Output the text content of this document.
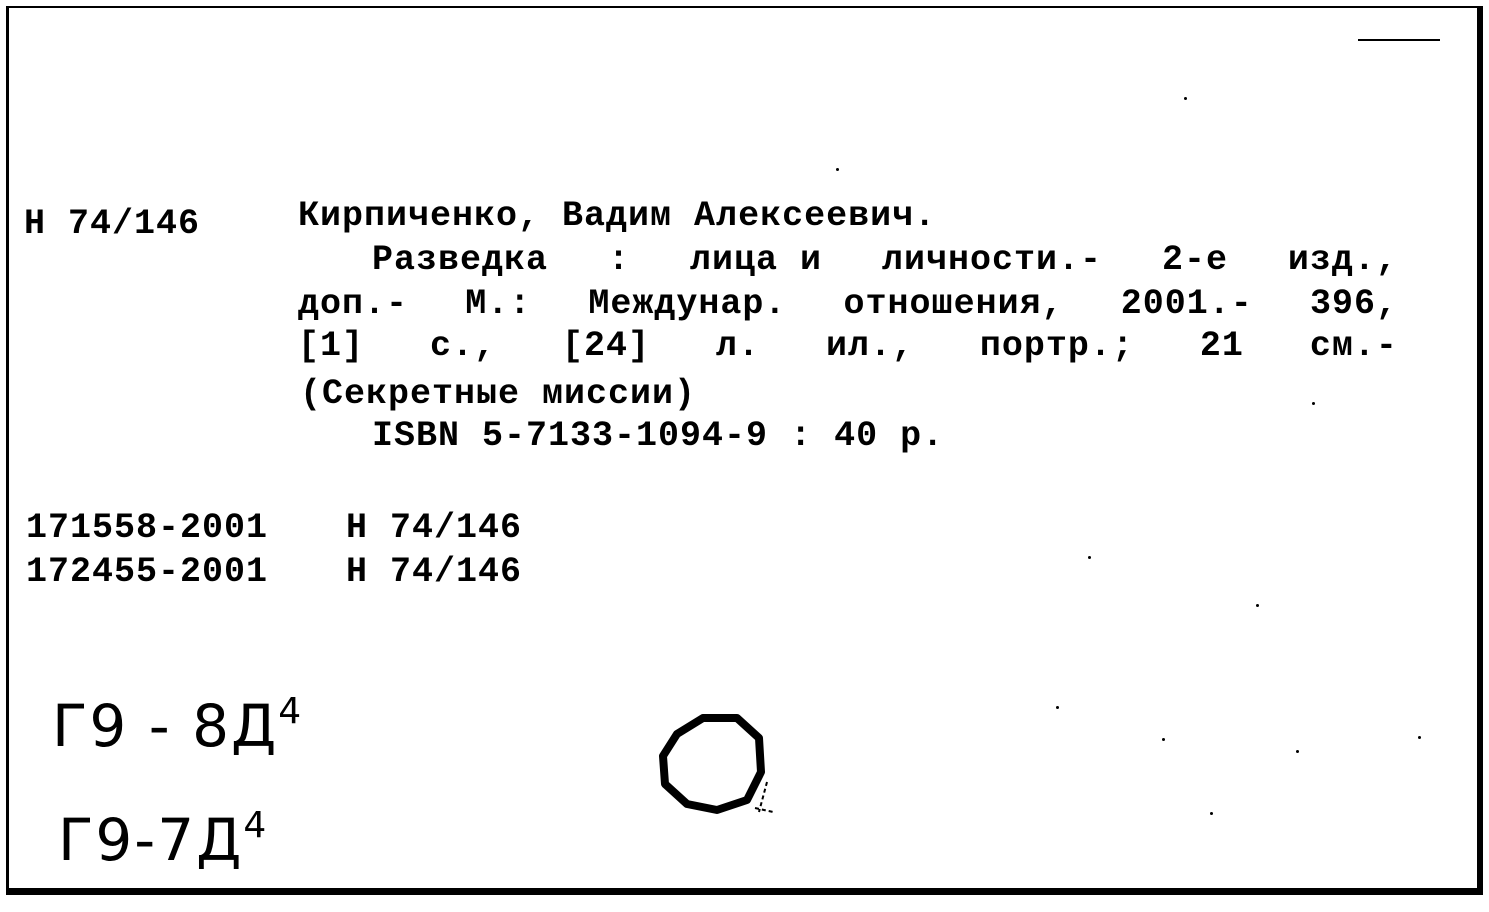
Н 74/146	Кирпиченко, Вадим Алексеевич.
Разведка : лица и личности.- 2-е изд.,
доп.- М.: Междунар. отношения, 2001.- 396,
[1] с., [24] л. ил., портр.; 21 см.-
(Секретные миссии)
ISBN 5-7133-1094-9 : 40 р.
171558-2001	Н 74/146
172455-2001	Н 74/146
$Г9 - 8Д^4$
$Г9-7Д^4$
